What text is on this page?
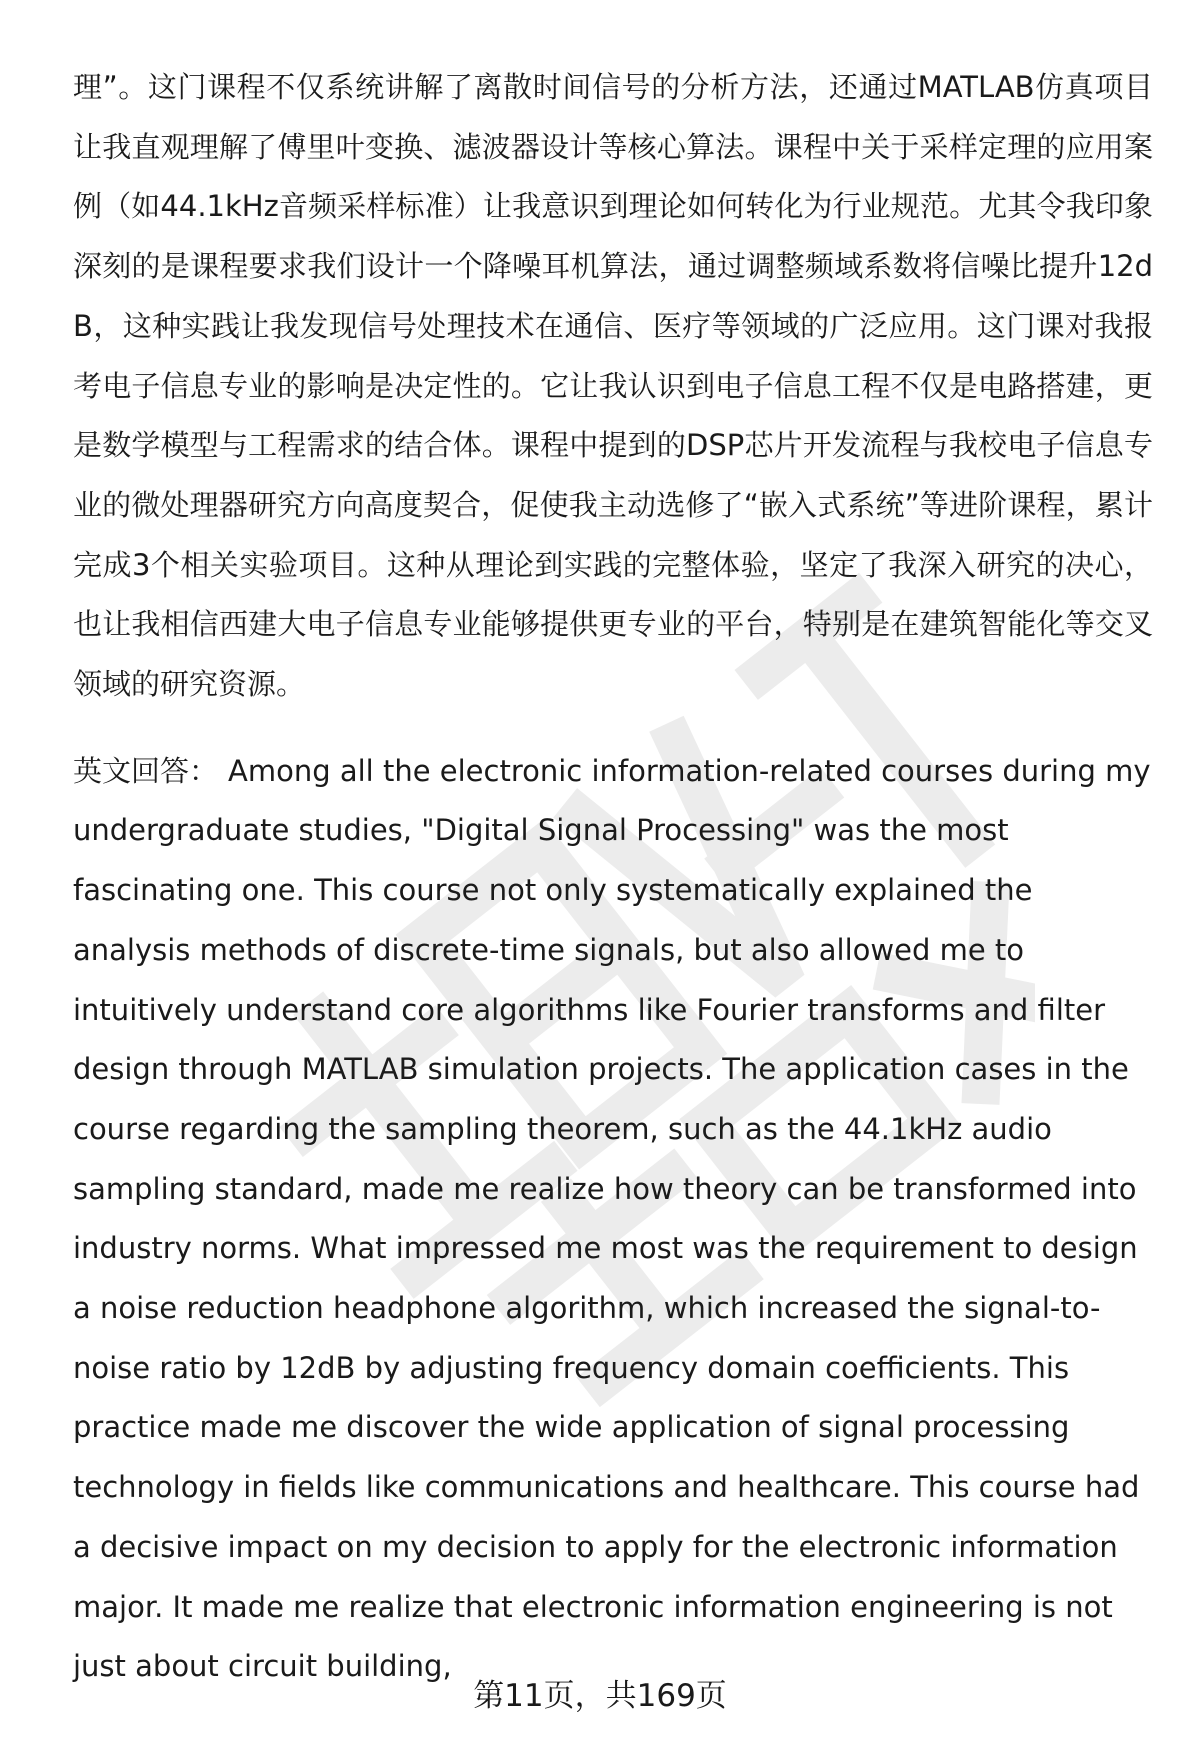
理”。这门课程不仅系统讲解了离散时间信号的分析方法，还通过MATLAB仿真项目让我直观理解了傅里叶变换、滤波器设计等核心算法。课程中关于采样定理的应用案例（如44.1kHz音频采样标准）让我意识到理论如何转化为行业规范。尤其令我印象深刻的是课程要求我们设计一个降噪耳机算法，通过调整频域系数将信噪比提升12dB，这种实践让我发现信号处理技术在通信、医疗等领域的广泛应用。这门课对我报考电子信息专业的影响是决定性的。它让我认识到电子信息工程不仅是电路搭建，更是数学模型与工程需求的结合体。课程中提到的DSP芯片开发流程与我校电子信息专业的微处理器研究方向高度契合，促使我主动选修了“嵌入式系统”等进阶课程，累计完成3个相关实验项目。这种从理论到实践的完整体验，坚定了我深入研究的决心，也让我相信西建大电子信息专业能够提供更专业的平台，特别是在建筑智能化等交叉领域的研究资源。

英文回答： Among all the electronic information-related courses during my undergraduate studies, "Digital Signal Processing" was the most fascinating one. This course not only systematically explained the analysis methods of discrete-time signals, but also allowed me to intuitively understand core algorithms like Fourier transforms and filter design through MATLAB simulation projects. The application cases in the course regarding the sampling theorem, such as the 44.1kHz audio sampling standard, made me realize how theory can be transformed into industry norms. What impressed me most was the requirement to design a noise reduction headphone algorithm, which increased the signal-to-noise ratio by 12dB by adjusting frequency domain coefficients. This practice made me discover the wide application of signal processing technology in fields like communications and healthcare. This course had a decisive impact on my decision to apply for the electronic information major. It made me realize that electronic information engineering is not just about circuit building,

第11页，共169页
